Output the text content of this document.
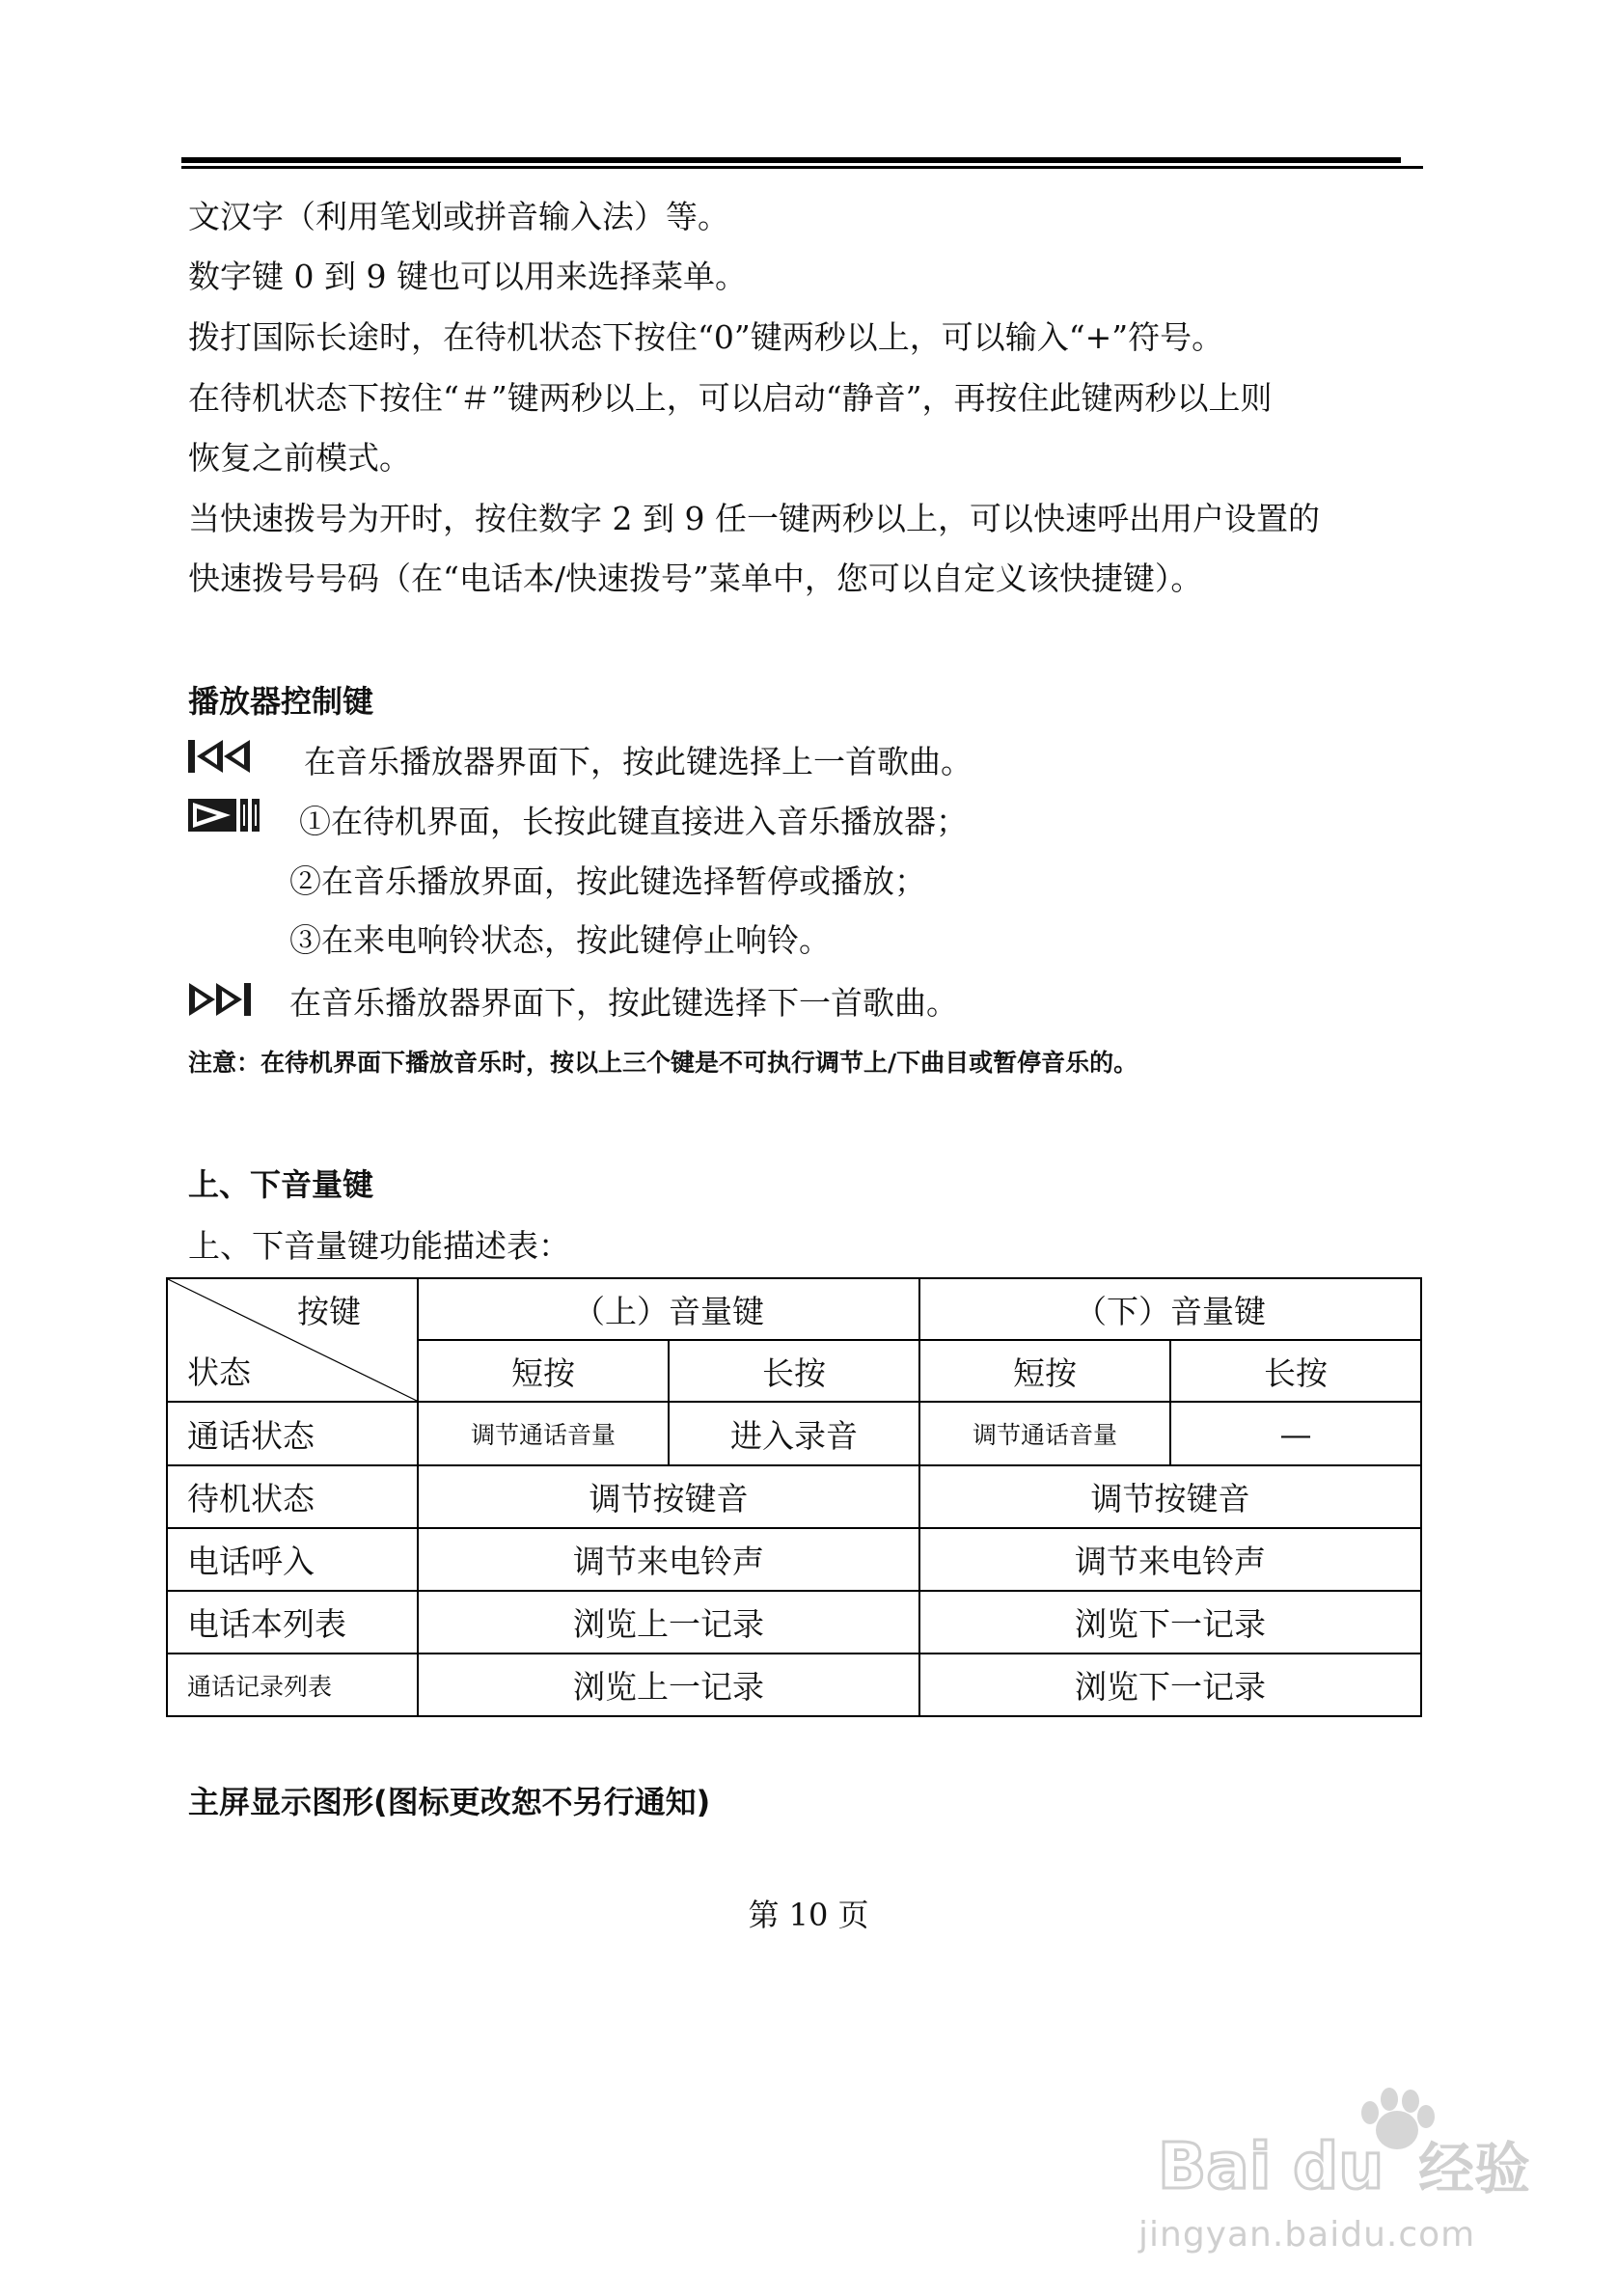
文汉字（利用笔划或拼音输入法）等。
数字键 0 到 9 键也可以用来选择菜单。
拨打国际长途时，在待机状态下按住“0”键两秒以上，可以输入“+”符号。
在待机状态下按住“＃”键两秒以上，可以启动“静音”，再按住此键两秒以上则
恢复之前模式。
当快速拨号为开时，按住数字 2 到 9 任一键两秒以上，可以快速呼出用户设置的
快速拨号号码（在“电话本/快速拨号”菜单中，您可以自定义该快捷键）。
播放器控制键
在音乐播放器界面下，按此键选择上一首歌曲。
①在待机界面，长按此键直接进入音乐播放器；
②在音乐播放界面，按此键选择暂停或播放；
③在来电响铃状态，按此键停止响铃。
在音乐播放器界面下，按此键选择下一首歌曲。
注意：在待机界面下播放音乐时，按以上三个键是不可执行调节上/下曲目或暂停音乐的。
上、下音量键
上、下音量键功能描述表：
按键
状态	（上）音量键		（下）音量键	
	短按	长按	短按	长按
通话状态	调节通话音量	进入录音	调节通话音量	—
待机状态	调节按键音		调节按键音	
电话呼入	调节来电铃声		调节来电铃声	
电话本列表	浏览上一记录		浏览下一记录	
通话记录列表	浏览上一记录		浏览下一记录	
主屏显示图形(图标更改恕不另行通知)
第 10 页
Bai du 经验
jingyan.baidu.com
